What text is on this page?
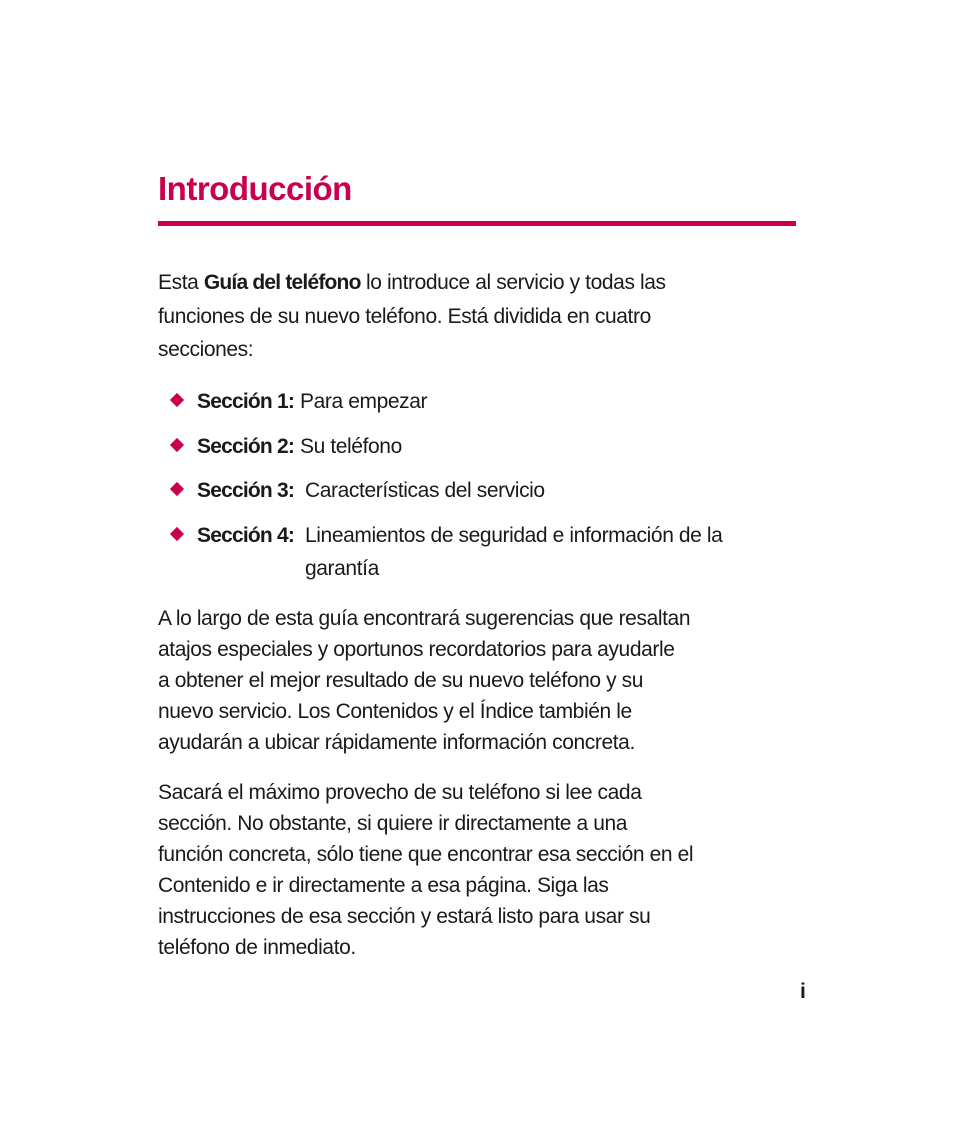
Introducción

Esta Guía del teléfono lo introduce al servicio y todas las
funciones de su nuevo teléfono. Está dividida en cuatro
secciones:

Sección 1: Para empezar
Sección 2: Su teléfono
Sección 3: Características del servicio
Sección 4: Lineamientos de seguridad e información de la
garantía

A lo largo de esta guía encontrará sugerencias que resaltan
atajos especiales y oportunos recordatorios para ayudarle
a obtener el mejor resultado de su nuevo teléfono y su
nuevo servicio. Los Contenidos y el Índice también le
ayudarán a ubicar rápidamente información concreta.

Sacará el máximo provecho de su teléfono si lee cada
sección. No obstante, si quiere ir directamente a una
función concreta, sólo tiene que encontrar esa sección en el
Contenido e ir directamente a esa página. Siga las
instrucciones de esa sección y estará listo para usar su
teléfono de inmediato.

i
